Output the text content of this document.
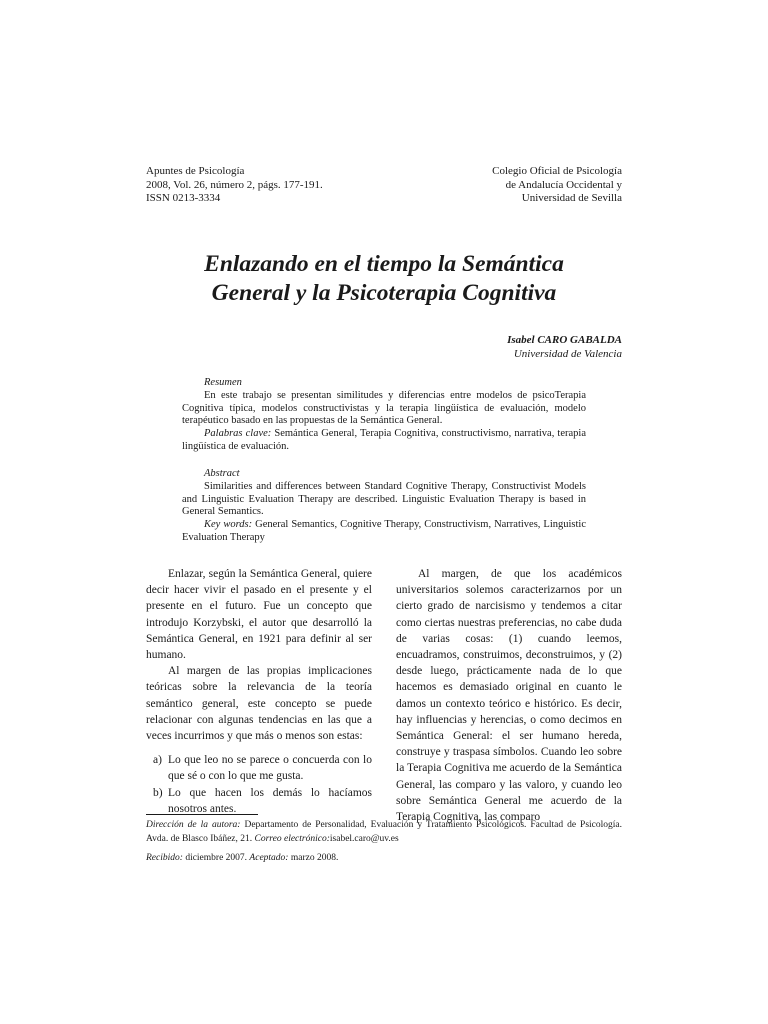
Apuntes de Psicología
2008, Vol. 26, número 2, págs. 177-191.
ISSN 0213-3334
Colegio Oficial de Psicología
de Andalucía Occidental y
Universidad de Sevilla
Enlazando en el tiempo la Semántica
General y la Psicoterapia Cognitiva
Isabel CARO GABALDA
Universidad de Valencia
Resumen

En este trabajo se presentan similitudes y diferencias entre modelos de psicoTerapia Cognitiva típica, modelos constructivistas y la terapia lingüística de evaluación, modelo terapéutico basado en las propuestas de la Semántica General.

Palabras clave: Semántica General, Terapia Cognitiva, constructivismo, narrativa, terapia lingüística de evaluación.

Abstract

Similarities and differences between Standard Cognitive Therapy, Constructivist Models and Linguistic Evaluation Therapy are described. Linguistic Evaluation Therapy is based in General Semantics.

Key words: General Semantics, Cognitive Therapy, Constructivism, Narratives, Linguistic Evaluation Therapy

Enlazar, según la Semántica General, quiere decir hacer vivir el pasado en el presente y el presente en el futuro. Fue un concepto que introdujo Korzybski, el autor que desarrolló la Semántica General, en 1921 para definir al ser humano.

Al margen de las propias implicaciones teóricas sobre la relevancia de la teoría semántico general, este concepto se puede relacionar con algunas tendencias en las que a veces incurrimos y que más o menos son estas:

a) Lo que leo no se parece o concuerda con lo que sé o con lo que me gusta.
b) Lo que hacen los demás lo hacíamos nosotros antes.

Al margen, de que los académicos universitarios solemos caracterizarnos por un cierto grado de narcisismo y tendemos a citar como ciertas nuestras preferencias, no cabe duda de varias cosas: (1) cuando leemos, encuadramos, construimos, deconstruimos, y (2) desde luego, prácticamente nada de lo que hacemos es demasiado original en cuanto le damos un contexto teórico e histórico. Es decir, hay influencias y herencias, o como decimos en Semántica General: el ser humano hereda, construye y traspasa símbolos. Cuando leo sobre la Terapia Cognitiva me acuerdo de la Semántica General, las comparo y las valoro, y cuando leo sobre Semántica General me acuerdo de la Terapia Cognitiva, las comparo

Dirección de la autora: Departamento de Personalidad, Evaluación y Tratamiento Psicológicos. Facultad de Psicología. Avda. de Blasco Ibáñez, 21. Correo electrónico:isabel.caro@uv.es
Recibido: diciembre 2007. Aceptado: marzo 2008.
